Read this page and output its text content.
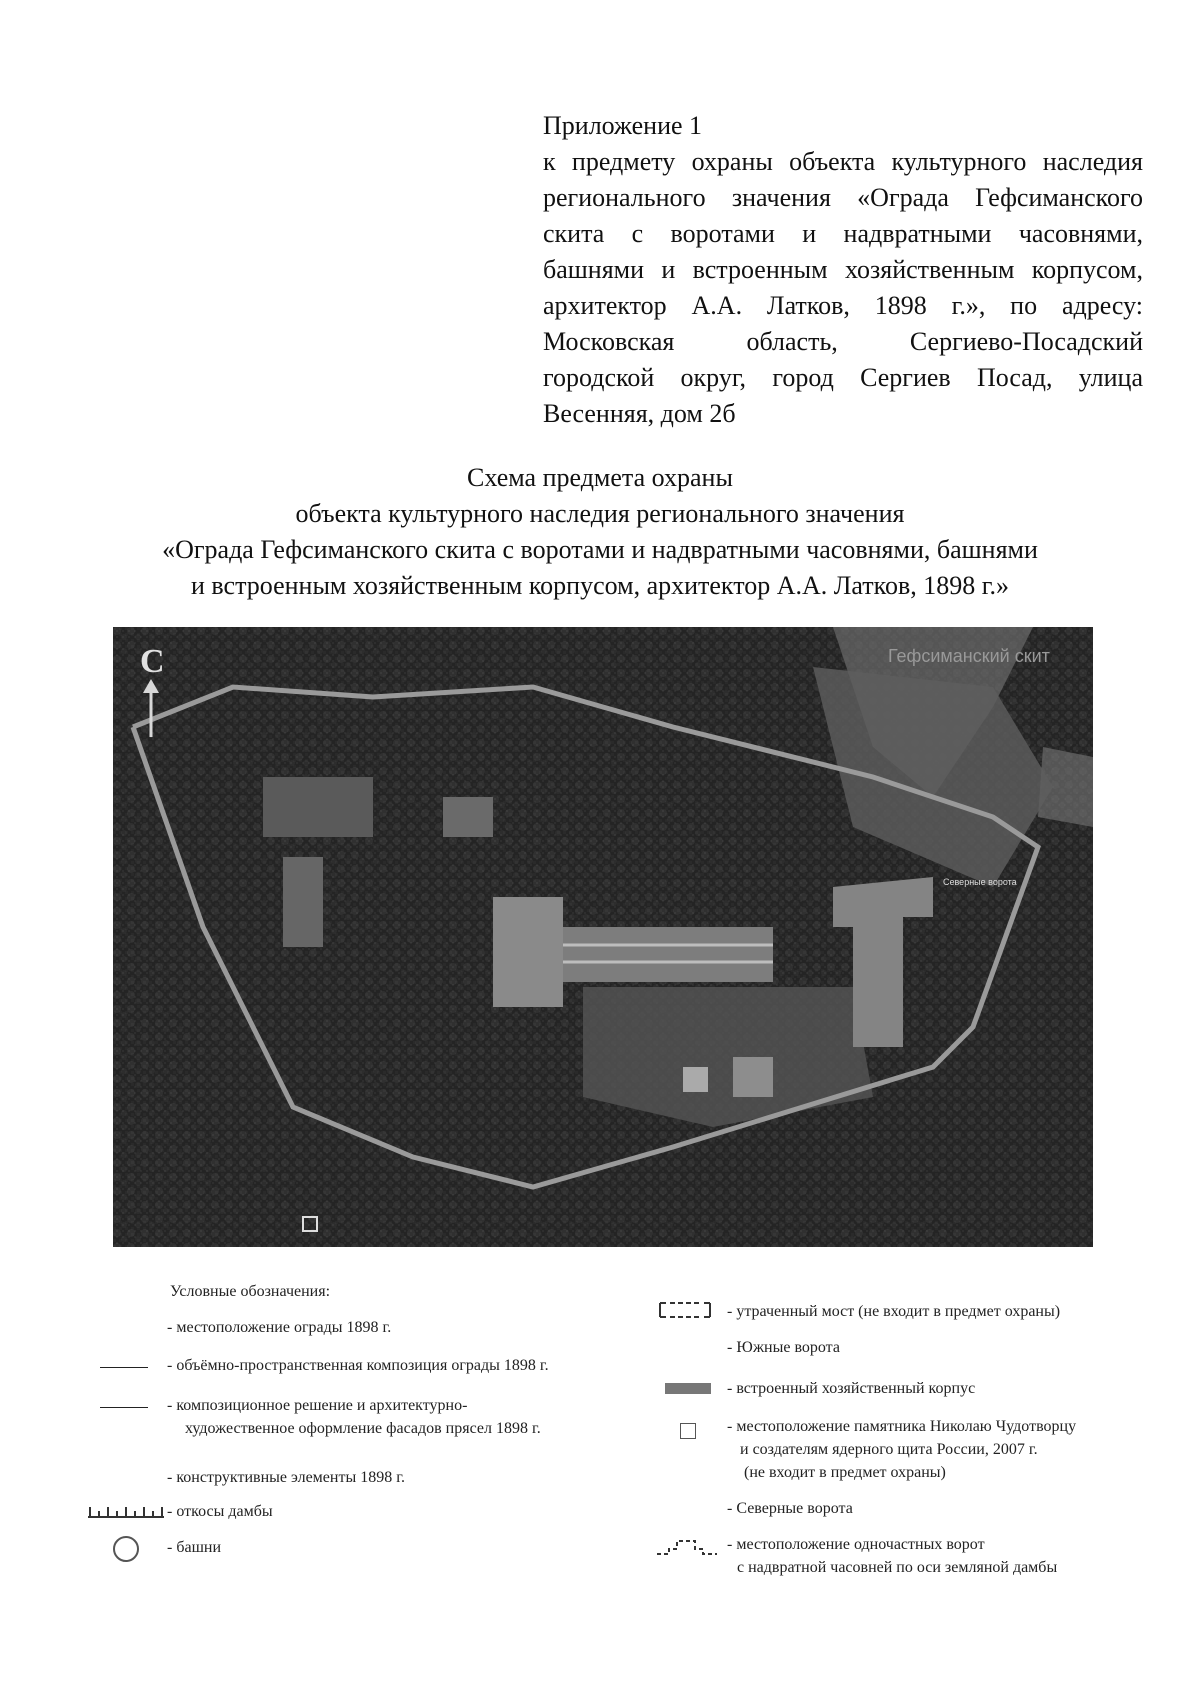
Приложение 1
к предмету охраны объекта культурного наследия
регионального значения «Ограда Гефсиманского
скита с воротами и надвратными часовнями,
башнями и встроенным хозяйственным корпусом,
архитектор А.А. Латков, 1898 г.», по адресу:
Московская область, Сергиево-Посадский
городской округ, город Сергиев Посад, улица
Весенняя, дом 2б
Схема предмета охраны
объекта культурного наследия регионального значения
«Ограда Гефсиманского скита с воротами и надвратными часовнями, башнями
и встроенным хозяйственным корпусом, архитектор А.А. Латков, 1898 г.»
С	Гефсиманский скит
Северные ворота
Условные обозначения:
- местоположение ограды 1898 г.
- объёмно-пространственная композиция ограды 1898 г.
- композиционное решение и архитектурно-
художественное оформление фасадов прясел 1898 г.
- конструктивные элементы 1898 г.
- откосы дамбы
- башни
- утраченный мост (не входит в предмет охраны)
- Южные ворота
- встроенный хозяйственный корпус
- местоположение памятника Николаю Чудотворцу
и создателям ядерного щита России, 2007 г.
(не входит в предмет охраны)
- Северные ворота
- местоположение одночастных ворот
с надвратной часовней по оси земляной дамбы
